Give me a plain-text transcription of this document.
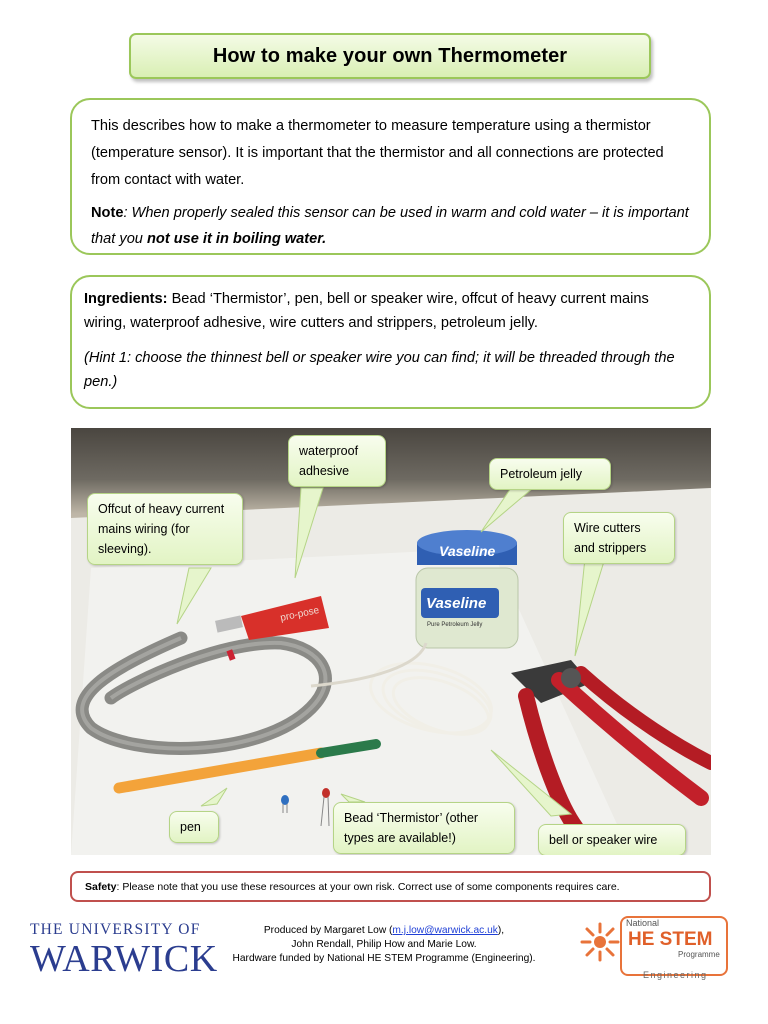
How to make your own Thermometer

This describes how to make a thermometer to measure temperature using a thermistor (temperature sensor). It is important that the thermistor and all connections are protected from contact with water.

Note: When properly sealed this sensor can be used in warm and cold water – it is important that you not use it in boiling water.

Ingredients: Bead ‘Thermistor’, pen, bell or speaker wire, offcut of heavy current mains wiring, waterproof adhesive, wire cutters and strippers, petroleum jelly.

(Hint 1: choose the thinnest bell or speaker wire you can find; it will be threaded through the pen.)

pro-pose
Vaseline
Vaseline
Pure Petroleum Jelly
waterproof adhesive	Petroleum jelly
Offcut of heavy current mains wiring (for sleeving).
Wire cutters and strippers
pen
Bead ‘Thermistor’ (other types are available!)	bell or speaker wire
Safety : Please note that you use these resources at your own risk. Correct use of some components requires care.
THE UNIVERSITY OF
WARWICK
Produced by Margaret Low (m.j.low@warwick.ac.uk),
John Rendall, Philip How and Marie Low.
Hardware funded by National HE STEM Programme (Engineering).
National
HE STEM
Programme
Engineering
